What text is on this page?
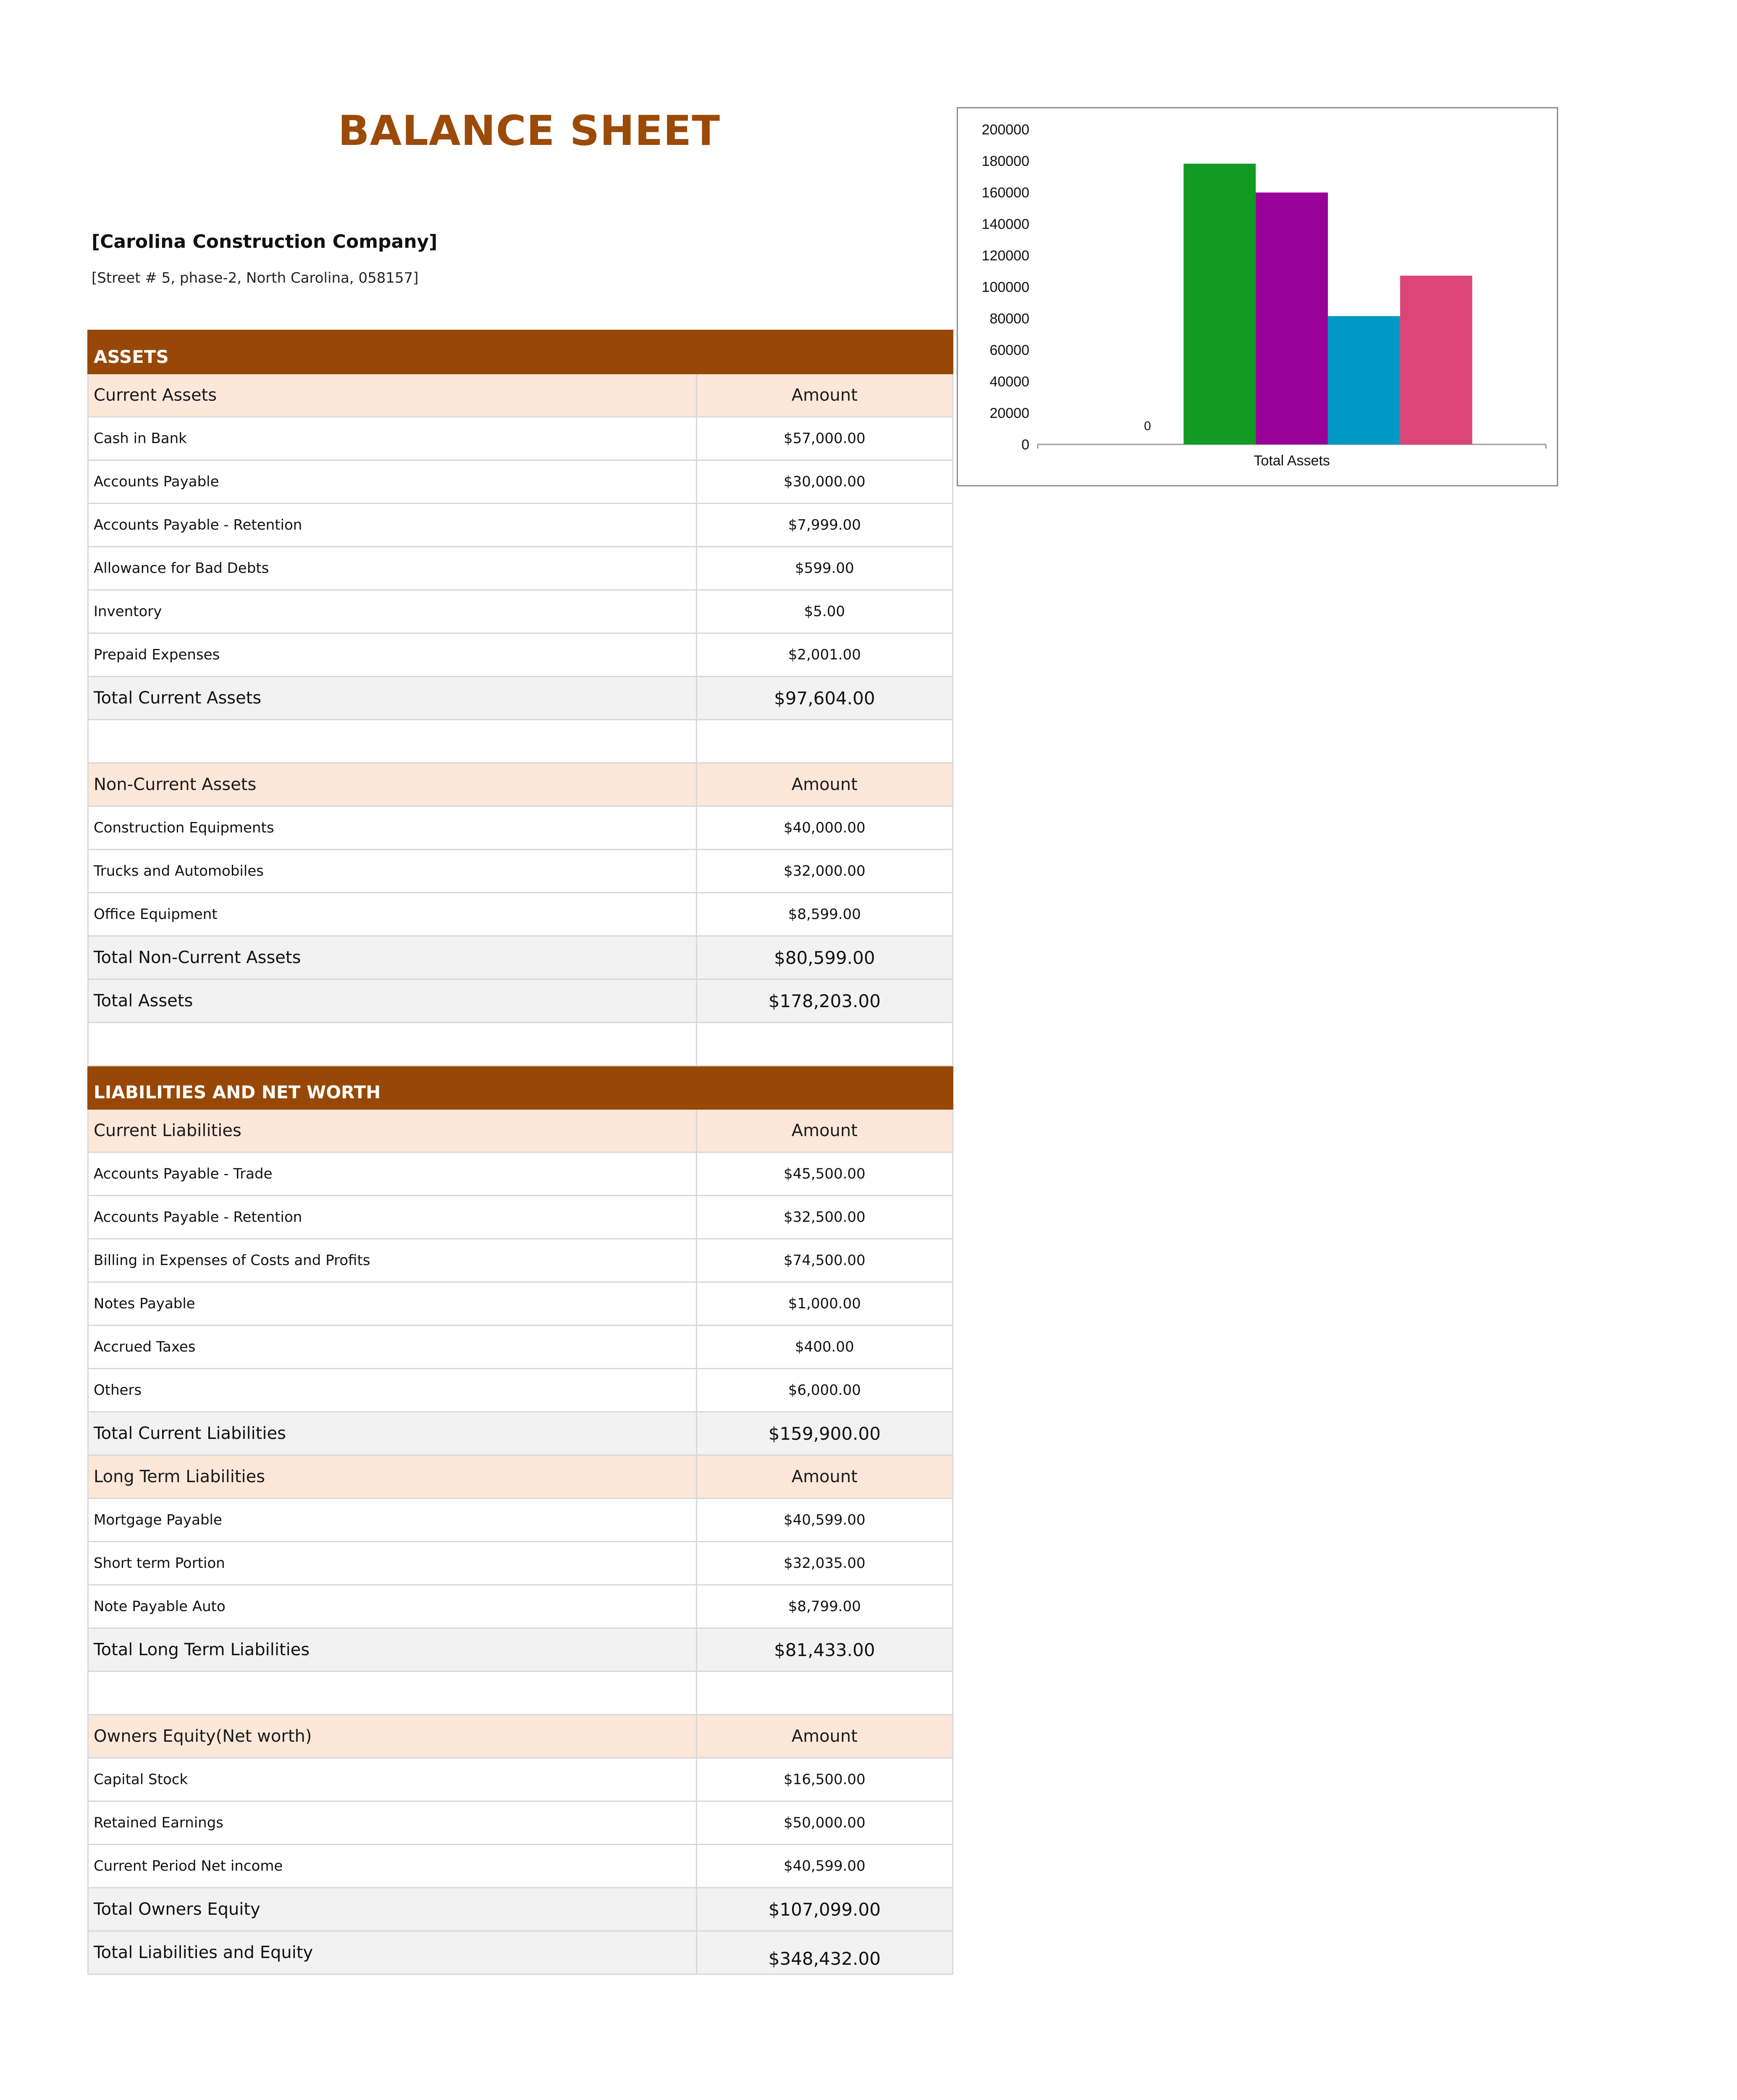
BALANCE SHEET
[Carolina Construction Company]
[Street # 5, phase-2, North Carolina, 058157]
ASSETS	
Current Assets	Amount
Cash in Bank	$57,000.00
Accounts Payable	$30,000.00
Accounts Payable - Retention	$7,999.00
Allowance for Bad Debts	$599.00
Inventory	$5.00
Prepaid Expenses	$2,001.00
Total Current Assets	$97,604.00

Non-Current Assets	Amount
Construction Equipments	$40,000.00
Trucks and Automobiles	$32,000.00
Office Equipment	$8,599.00
Total Non-Current Assets	$80,599.00
Total Assets	$178,203.00

LIABILITIES AND NET WORTH	
Current Liabilities	Amount
Accounts Payable - Trade	$45,500.00
Accounts Payable - Retention	$32,500.00
Billing in Expenses of Costs and Profits	$74,500.00
Notes Payable	$1,000.00
Accrued Taxes	$400.00
Others	$6,000.00
Total Current Liabilities	$159,900.00
Long Term Liabilities	Amount
Mortgage Payable	$40,599.00
Short term Portion	$32,035.00
Note Payable Auto	$8,799.00
Total Long Term Liabilities	$81,433.00

Owners Equity(Net worth)	Amount
Capital Stock	$16,500.00
Retained Earnings	$50,000.00
Current Period Net income	$40,599.00
Total Owners Equity	$107,099.00
Total Liabilities and Equity	$348,432.00
0
20000
40000
60000
80000
100000
120000
140000
160000
180000
200000
0
Total Assets
